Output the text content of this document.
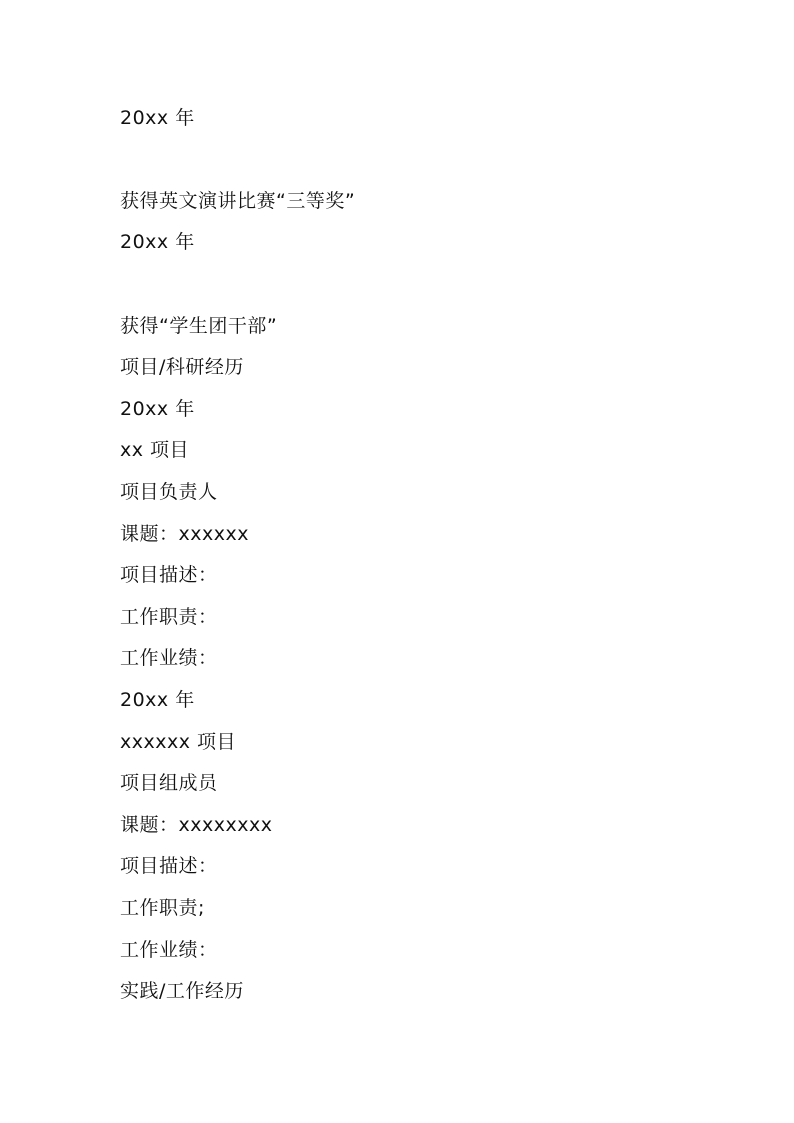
20xx 年
获得英文演讲比赛“三等奖”
20xx 年
获得“学生团干部”
项目/科研经历
20xx 年
xx 项目
项目负责人
课题：xxxxxx
项目描述：
工作职责：
工作业绩：
20xx 年
xxxxxx 项目
项目组成员
课题：xxxxxxxx
项目描述：
工作职责;
工作业绩：
实践/工作经历
